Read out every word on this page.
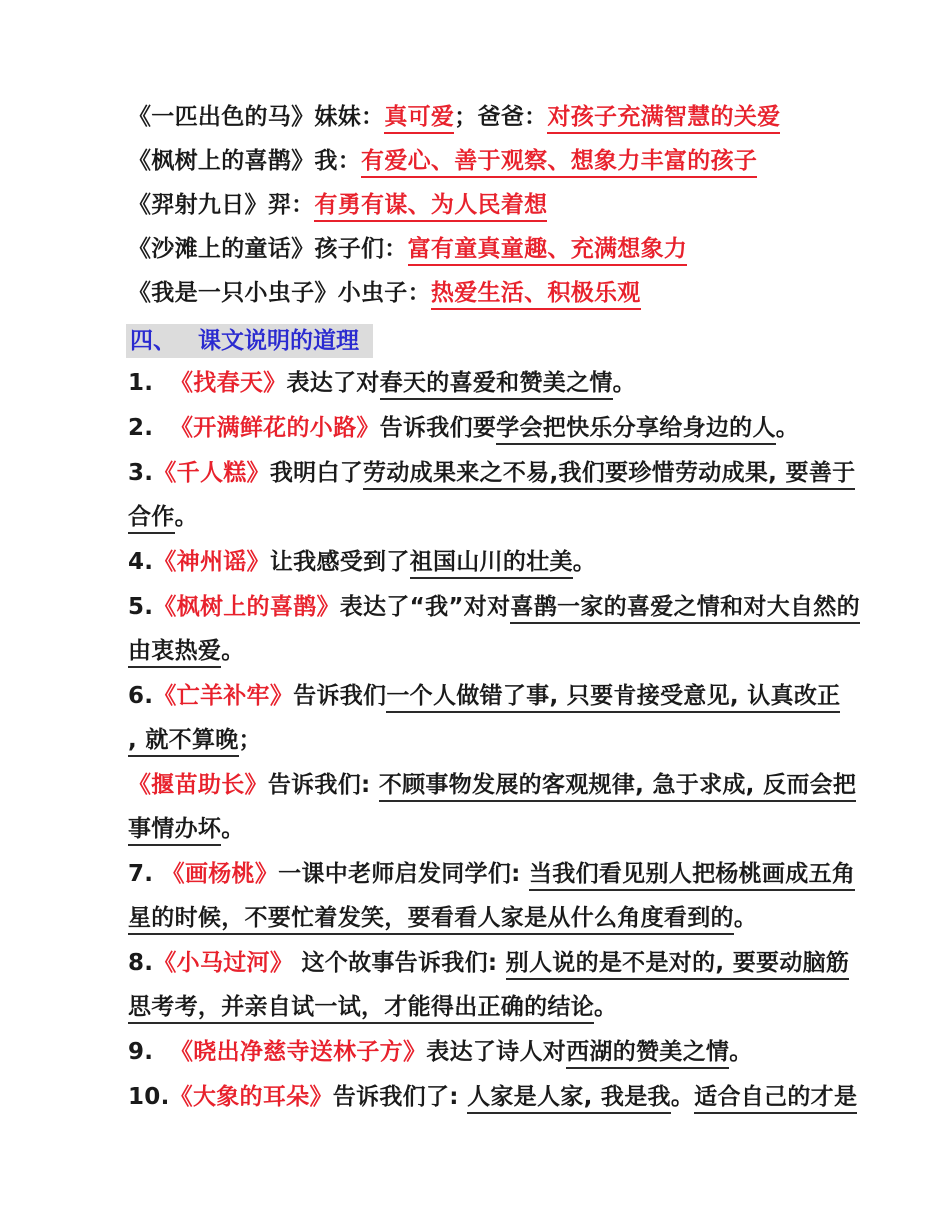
《一匹出色的马》妹妹：真可爱；爸爸：对孩子充满智慧的关爱
《枫树上的喜鹊》我：有爱心、善于观察、想象力丰富的孩子
《羿射九日》羿：有勇有谋、为人民着想
《沙滩上的童话》孩子们：富有童真童趣、充满想象力
《我是一只小虫子》小虫子：热爱生活、积极乐观
四、 课文说明的道理
1. 《找春天》表达了对春天的喜爱和赞美之情。
2. 《开满鲜花的小路》告诉我们要学会把快乐分享给身边的人。
3.《千人糕》我明白了劳动成果来之不易,我们要珍惜劳动成果, 要善于
合作。
4.《神州谣》让我感受到了祖国山川的壮美。
5.《枫树上的喜鹊》表达了“我”对对喜鹊一家的喜爱之情和对大自然的
由衷热爱。
6.《亡羊补牢》告诉我们一个人做错了事, 只要肯接受意见, 认真改正
, 就不算晚；
《揠苗助长》告诉我们: 不顾事物发展的客观规律, 急于求成, 反而会把
事情办坏。
7. 《画杨桃》一课中老师启发同学们: 当我们看见别人把杨桃画成五角
星的时候，不要忙着发笑，要看看人家是从什么角度看到的。
8.《小马过河》 这个故事告诉我们: 别人说的是不是对的, 要要动脑筋
思考考，并亲自试一试，才能得出正确的结论。
9. 《晓出净慈寺送林子方》表达了诗人对西湖的赞美之情。
10.《大象的耳朵》告诉我们了: 人家是人家, 我是我。适合自己的才是
